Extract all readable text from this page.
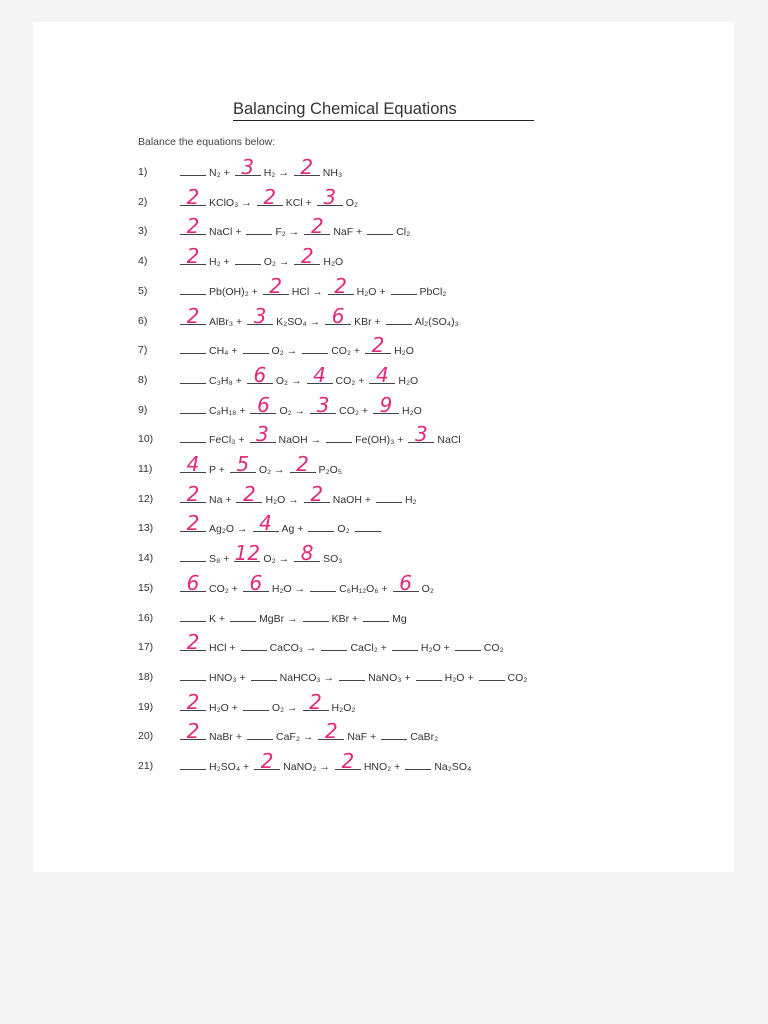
Balancing Chemical Equations
Balance the equations below:
1)	N₂ + 3 H₂ → 2 NH₃
2)	2 KClO₃ → 2 KCl + 3 O₂
3)	2 NaCl +	F₂ → 2 NaF +	Cl₂
4)	2 H₂ +	O₂ → 2 H₂O
5)	Pb(OH)₂ + 2 HCl → 2 H₂O +	PbCl₂
6)	2 AlBr₃ + 3 K₂SO₄ → 6 KBr +	Al₂(SO₄)₃
7)	CH₄ +	O₂ →	CO₂ + 2 H₂O
8)	C₃H₈ + 6 O₂ → 4 CO₂ + 4 H₂O
9)	C₈H₁₈ + 6 O₂ → 3 CO₂ + 9 H₂O
10)	FeCl₃ + 3 NaOH →	Fe(OH)₃ + 3 NaCl
11)	4 P + 5 O₂ → 2 P₂O₅
12)	2 Na + 2 H₂O → 2 NaOH +	H₂
13)	2 Ag₂O → 4 Ag +	O₂
14)	S₈ + 12 O₂ → 8 SO₃
15)	6 CO₂ + 6 H₂O →	C₆H₁₂O₆ + 6 O₂
16)	K +	MgBr →	KBr +	Mg
17)	2 HCl +	CaCO₃ →	CaCl₂ +	H₂O +	CO₂
18)	HNO₃ +	NaHCO₃ →	NaNO₃ +	H₂O +	CO₂
19)	2 H₂O +	O₂ → 2 H₂O₂
20)	2 NaBr +	CaF₂ → 2 NaF +	CaBr₂
21)	H₂SO₄ + 2 NaNO₂ → 2 HNO₂ +	Na₂SO₄
